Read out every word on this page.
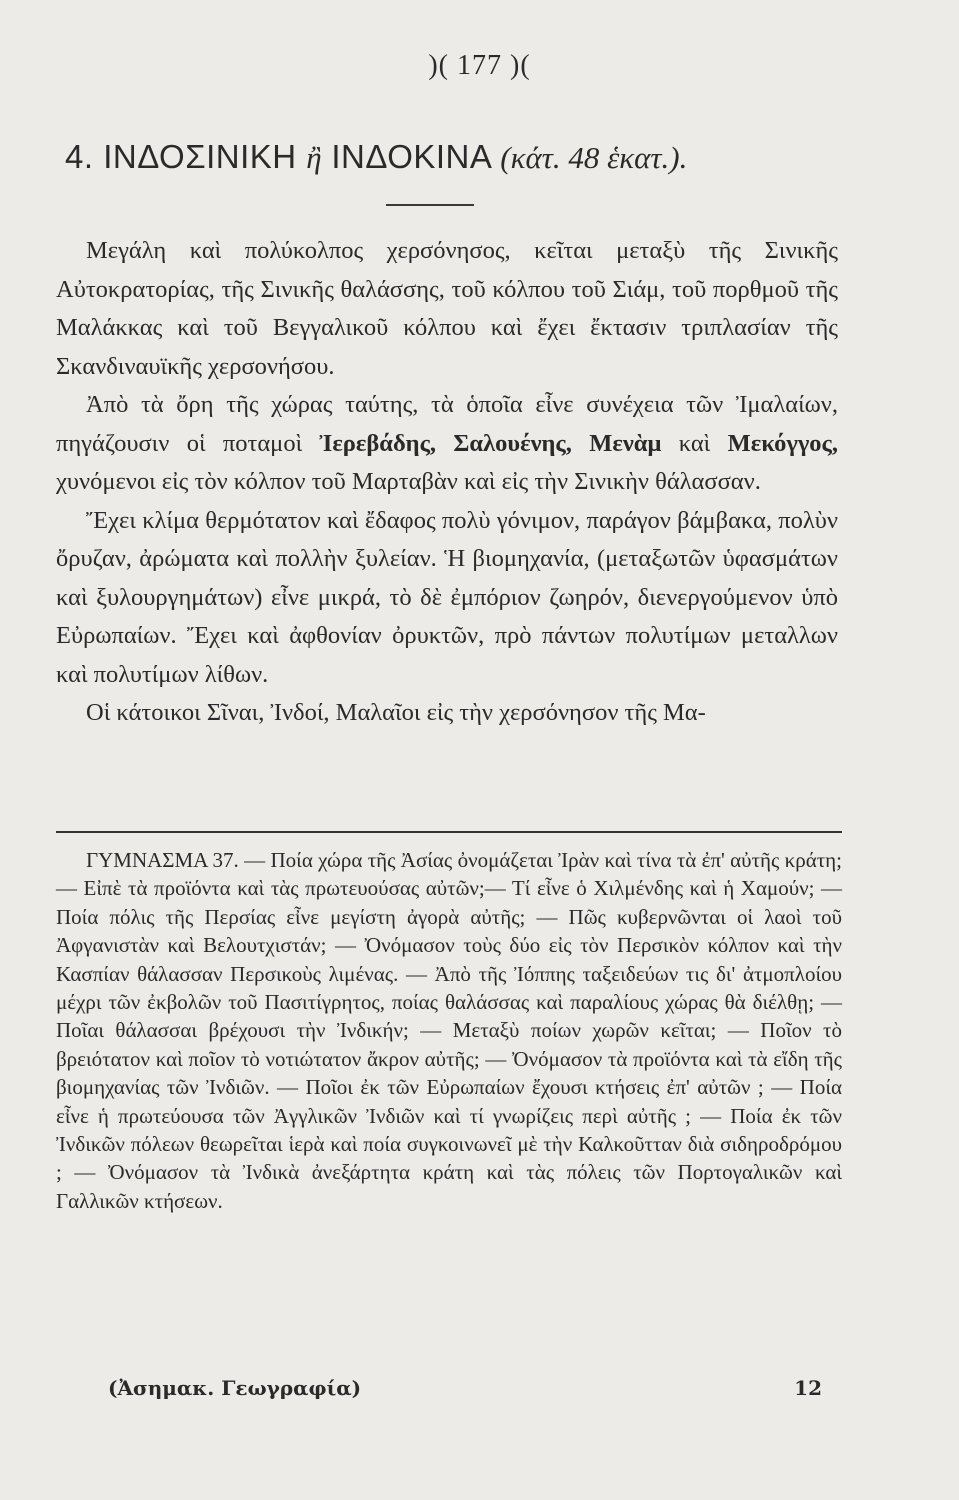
)( 177 )(
4. ΙΝΔΟΣΙΝΙΚΗ ἢ ΙΝΔΟΚΙΝΑ (κάτ. 48 ἑκατ.).

Μεγάλη καὶ πολύκολπος χερσόνησος, κεῖται μεταξὺ τῆς Σινικῆς Αὐτοκρατορίας, τῆς Σινικῆς θαλάσσης, τοῦ κόλπου τοῦ Σιάμ, τοῦ πορθμοῦ τῆς Μαλάκκας καὶ τοῦ Βεγγαλικοῦ κόλπου καὶ ἔχει ἔκτασιν τριπλασίαν τῆς Σκανδιναυϊκῆς χερσονήσου.

Ἀπὸ τὰ ὄρη τῆς χώρας ταύτης, τὰ ὁποῖα εἶνε συνέχεια τῶν Ἰμαλαίων, πηγάζουσιν οἱ ποταμοὶ Ἰερεβάδης, Σαλουένης, Μενὰμ καὶ Μεκόγγος, χυνόμενοι εἰς τὸν κόλπον τοῦ Μαρταβὰν καὶ εἰς τὴν Σινικὴν θάλασσαν.

Ἔχει κλίμα θερμότατον καὶ ἔδαφος πολὺ γόνιμον, παράγον βάμβακα, πολὺν ὄρυζαν, ἀρώματα καὶ πολλὴν ξυλείαν. Ἡ βιομηχανία, (μεταξωτῶν ὑφασμάτων καὶ ξυλουργημάτων) εἶνε μικρά, τὸ δὲ ἐμπόριον ζωηρόν, διενεργούμενον ὑπὸ Εὐρωπαίων. Ἔχει καὶ ἀφθονίαν ὀρυκτῶν, πρὸ πάντων πολυτίμων μεταλλων καὶ πολυτίμων λίθων.

Οἱ κάτοικοι Σῖναι, Ἰνδοί, Μαλαῖοι εἰς τὴν χερσόνησον τῆς Μα-

ΓΥΜΝΑΣΜΑ 37. — Ποία χώρα τῆς Ἀσίας ὀνομάζεται Ἰρὰν καὶ τίνα τὰ ἐπ' αὐτῆς κράτη; — Εἰπὲ τὰ προϊόντα καὶ τὰς πρωτευούσας αὐτῶν;— Τί εἶνε ὁ Χιλμένδης καὶ ἡ Χαμούν; — Ποία πόλις τῆς Περσίας εἶνε μεγίστη ἀγορὰ αὐτῆς; — Πῶς κυβερνῶνται οἱ λαοὶ τοῦ Ἀφγανιστὰν καὶ Βελουτχιστάν; — Ὀνόμασον τοὺς δύο εἰς τὸν Περσικὸν κόλπον καὶ τὴν Κασπίαν θάλασσαν Περσικοὺς λιμένας. — Ἀπὸ τῆς Ἰόππης ταξειδεύων τις δι' ἀτμοπλοίου μέχρι τῶν ἐκβολῶν τοῦ Πασιτίγρητος, ποίας θαλάσσας καὶ παραλίους χώρας θὰ διέλθῃ; — Ποῖαι θάλασσαι βρέχουσι τὴν Ἰνδικήν; — Μεταξὺ ποίων χωρῶν κεῖται; — Ποῖον τὸ βρειότατον καὶ ποῖον τὸ νοτιώτατον ἄκρον αὐτῆς; — Ὀνόμασον τὰ προϊόντα καὶ τὰ εἴδη τῆς βιομηχανίας τῶν Ἰνδιῶν. — Ποῖοι ἐκ τῶν Εὐρωπαίων ἔχουσι κτήσεις ἐπ' αὐτῶν ; — Ποία εἶνε ἡ πρωτεύουσα τῶν Ἀγγλικῶν Ἰνδιῶν καὶ τί γνωρίζεις περὶ αὐτῆς ; — Ποία ἐκ τῶν Ἰνδικῶν πόλεων θεωρεῖται ἱερὰ καὶ ποία συγκοινωνεῖ μὲ τὴν Καλκοῦτταν διὰ σιδηροδρόμου ; — Ὀνόμασον τὰ Ἰνδικὰ ἀνεξάρτητα κράτη καὶ τὰς πόλεις τῶν Πορτογαλικῶν καὶ Γαλλικῶν κτήσεων.

(Ἀσημακ. Γεωγραφία)	12
